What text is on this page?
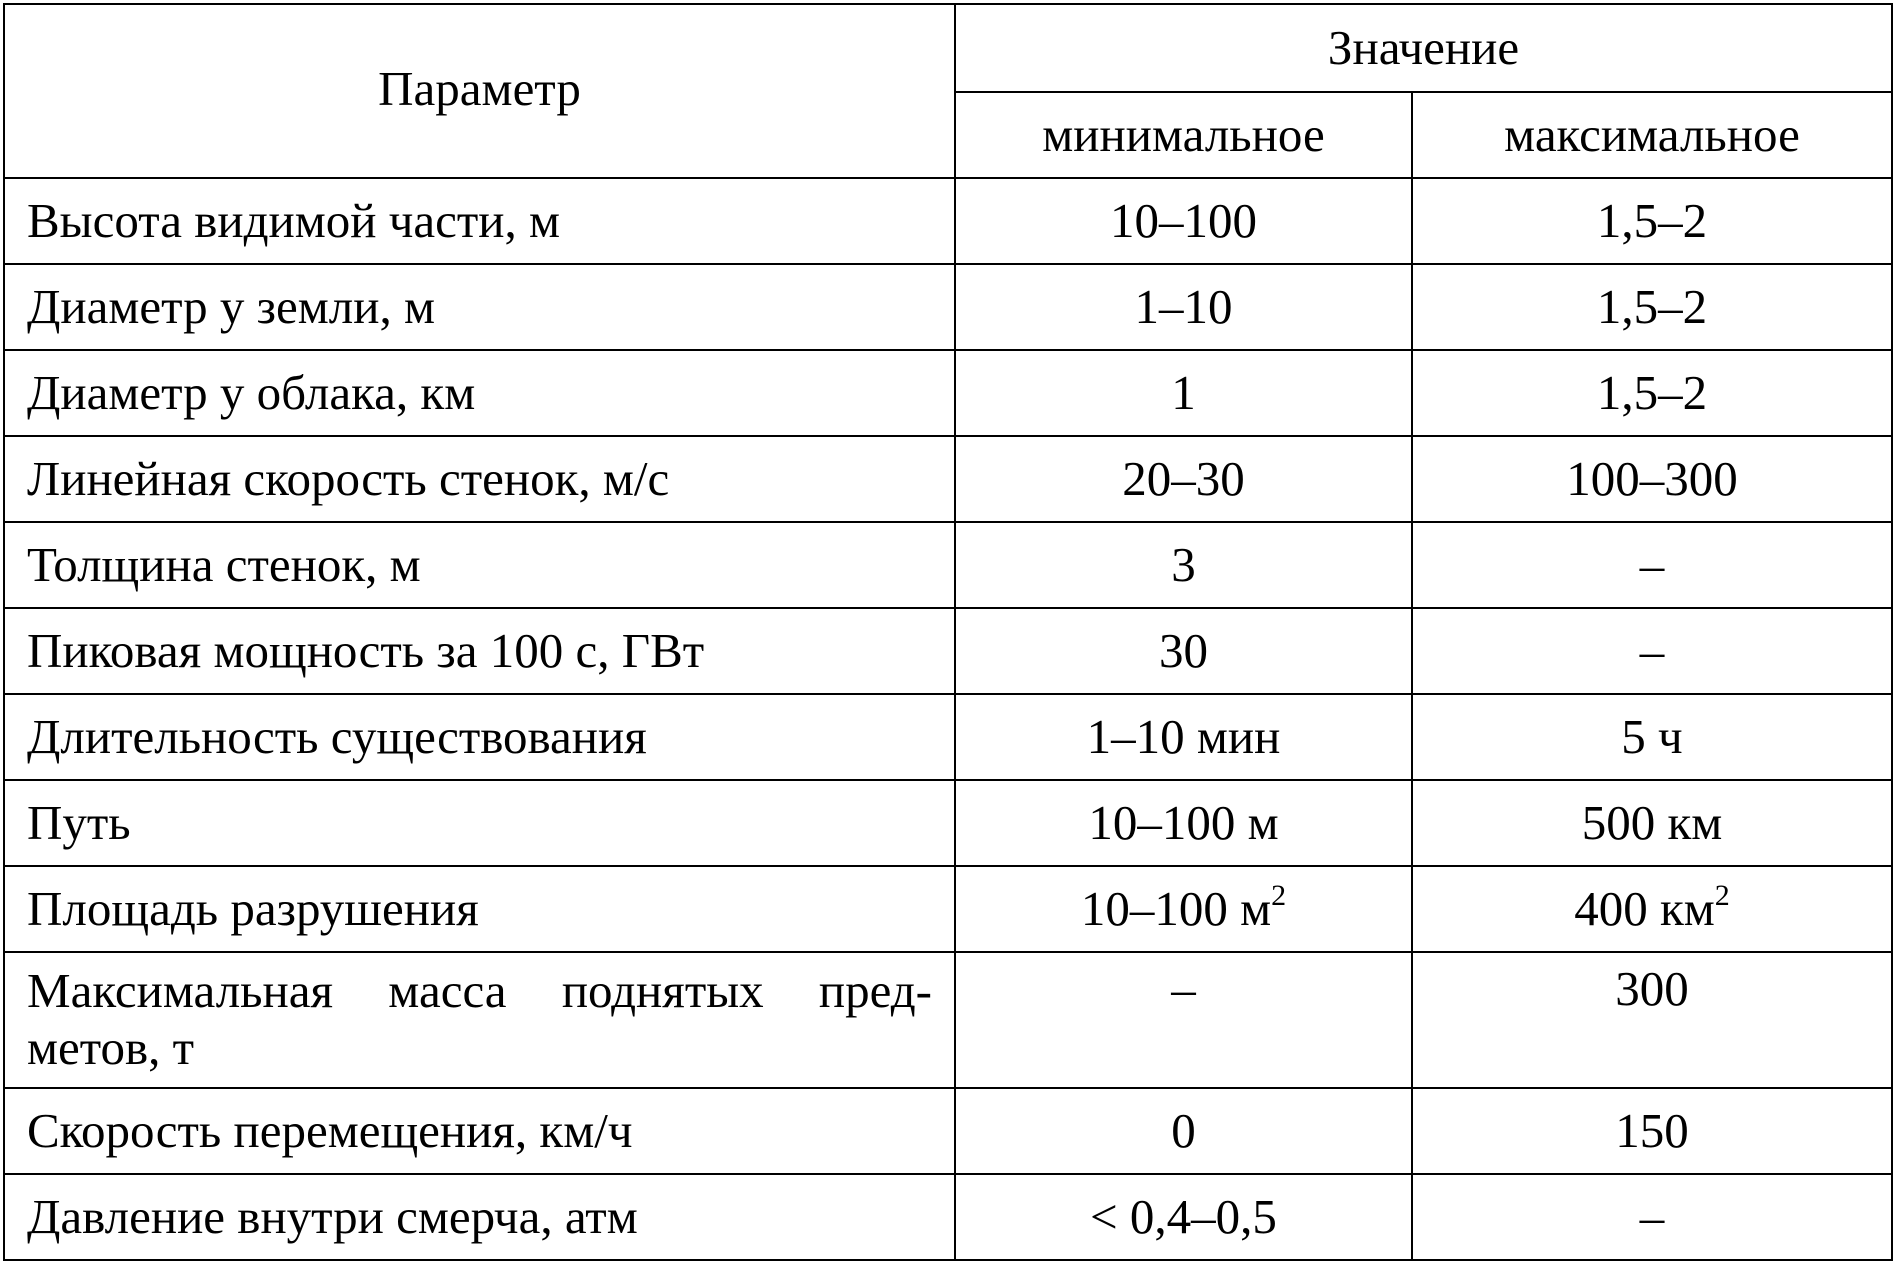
Параметр	Значение	
	минимальное	максимальное
Высота видимой части, м	10–100	1,5–2
Диаметр у земли, м	1–10	1,5–2
Диаметр у облака, км	1	1,5–2
Линейная скорость стенок, м/с	20–30	100–300
Толщина стенок, м	3	–
Пиковая мощность за 100 с, ГВт	30	–
Длительность существования	1–10 мин	5 ч
Путь	10–100 м	500 км
Площадь разрушения	10–100 $м^2$	400 $км^2$

Максимальная масса поднятых пред-
метов, т	–	300
Скорость перемещения, км/ч	0	150
Давление внутри смерча, атм	< 0,4–0,5	–
